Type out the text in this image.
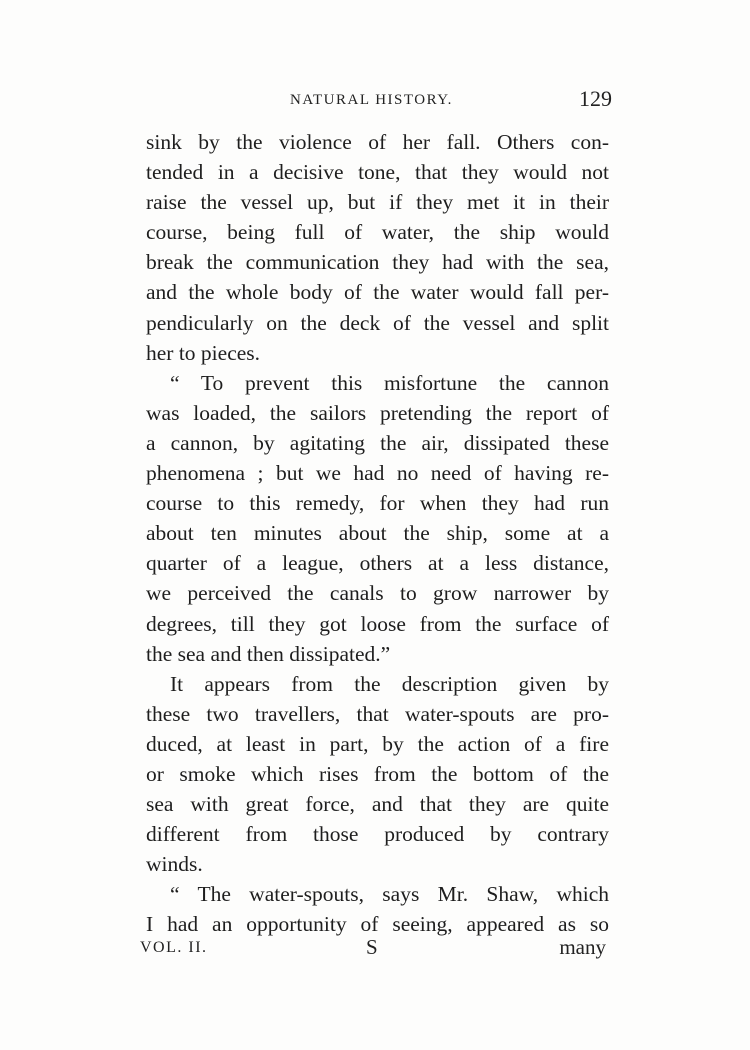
NATURAL HISTORY.	129
sink by the violence of her fall. Others con-
tended in a decisive tone, that they would not
raise the vessel up, but if they met it in their
course, being full of water, the ship would
break the communication they had with the sea,
and the whole body of the water would fall per-
pendicularly on the deck of the vessel and split
her to pieces.
“ To prevent this misfortune the cannon
was loaded, the sailors pretending the report of
a cannon, by agitating the air, dissipated these
phenomena ; but we had no need of having re-
course to this remedy, for when they had run
about ten minutes about the ship, some at a
quarter of a league, others at a less distance,
we perceived the canals to grow narrower by
degrees, till they got loose from the surface of
the sea and then dissipated.”
It appears from the description given by
these two travellers, that water-spouts are pro-
duced, at least in part, by the action of a fire
or smoke which rises from the bottom of the
sea with great force, and that they are quite
different from those produced by contrary
winds.
“ The water-spouts, says Mr. Shaw, which
I had an opportunity of seeing, appeared as so
VOL. II.	S	many
